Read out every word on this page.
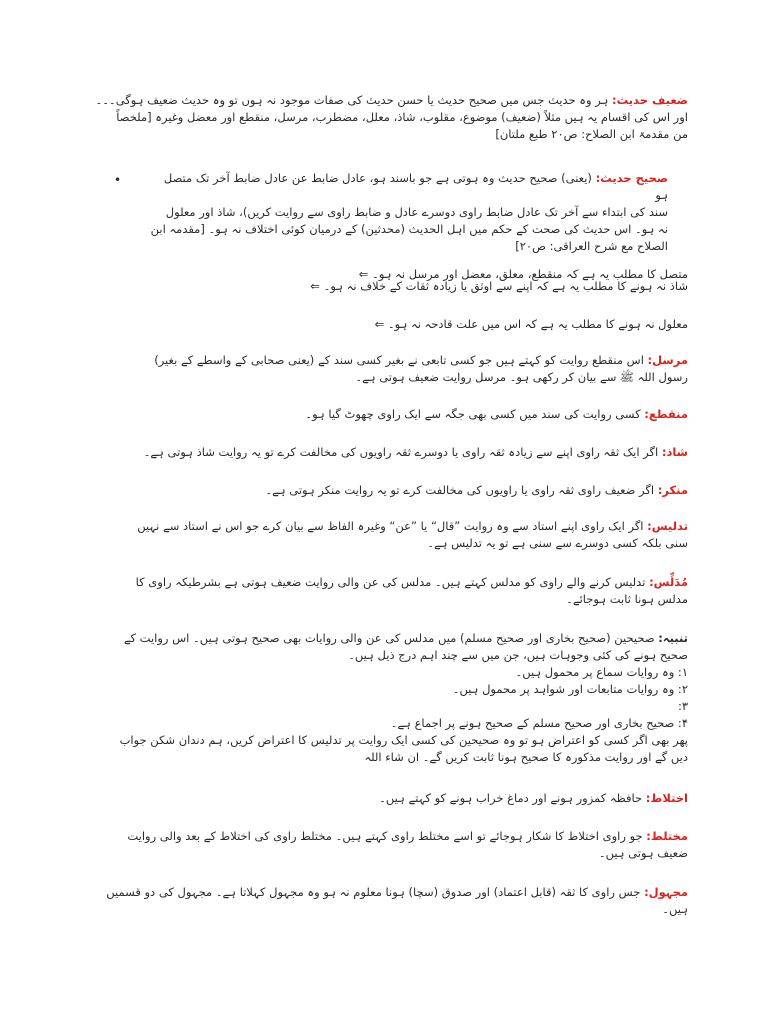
ضعیف حدیث: ہر وہ حدیث جس میں صحیح حدیث یا حسن حدیث کی صفات موجود نہ ہوں تو وہ حدیث ضعیف ہوگی۔۔۔
اور اس کی اقسام یہ ہیں مثلاً (ضعیف) موضوع، مقلوب، شاذ، معلل، مضطرب، مرسل، منقطع اور معضل وغیرہ [ملخصاً
من مقدمۃ ابن الصلاح: ص۲۰ طبع ملتان]
•	صحیح حدیث: (یعنی) صحیح حدیث وہ ہوتی ہے جو باسند ہو، عادل ضابط عن عادل ضابط آخر تک متصل ہو
سند کی ابتداء سے آخر تک عادل ضابط راوی دوسرے عادل و ضابط راوی سے روایت کریں)، شاذ اور معلول
نہ ہو۔ اس حدیث کی صحت کے حکم میں اہل الحدیث (محدثین) کے درمیان کوئی اختلاف نہ ہو۔ [مقدمہ ابن
الصلاح مع شرح العراقی: ص۲۰]
متصل کا مطلب یہ ہے کہ منقطع، معلق، معضل اور مرسل نہ ہو۔ ⇐
شاذ نہ ہونے کا مطلب یہ ہے کہ اپنے سے اوثق یا زیادہ ثقات کے خلاف نہ ہو۔ ⇐
معلول نہ ہونے کا مطلب یہ ہے کہ اس میں علت قادحہ نہ ہو۔ ⇐
مرسل: اس منقطع روایت کو کہتے ہیں جو کسی تابعی نے بغیر کسی سند کے (یعنی صحابی کے واسطے کے بغیر)
رسول اللہ ﷺ سے بیان کر رکھی ہو۔ مرسل روایت ضعیف ہوتی ہے۔
منقطع: کسی روایت کی سند میں کسی بھی جگہ سے ایک راوی چھوٹ گیا ہو۔
شاذ: اگر ایک ثقہ راوی اپنے سے زیادہ ثقہ راوی یا دوسرے ثقہ راویوں کی مخالفت کرے تو یہ روایت شاذ ہوتی ہے۔
منکر: اگر ضعیف راوی ثقہ راوی یا راویوں کی مخالفت کرے تو یہ روایت منکر ہوتی ہے۔
تدلیس: اگر ایک راوی اپنے استاد سے وہ روایت ”قال“ یا ”عن“ وغیرہ الفاظ سے بیان کرے جو اس نے استاد سے نہیں
سنی بلکہ کسی دوسرے سے سنی ہے تو یہ تدلیس ہے۔
مُدَلِّس: تدلیس کرنے والے راوی کو مدلس کہتے ہیں۔ مدلس کی عن والی روایت ضعیف ہوتی ہے بشرطیکہ راوی کا
مدلس ہونا ثابت ہوجائے۔
تنبیہ: صحیحین (صحیح بخاری اور صحیح مسلم) میں مدلس کی عن والی روایات بھی صحیح ہوتی ہیں۔ اس روایت کے
صحیح ہونے کی کئی وجوہات ہیں، جن میں سے چند اہم درج ذیل ہیں۔
۱: وہ روایات سماع پر محمول ہیں۔
۲: وہ روایات متابعات اور شواہد پر محمول ہیں۔
۳:
۴: صحیح بخاری اور صحیح مسلم کے صحیح ہونے پر اجماع ہے۔
پھر بھی اگر کسی کو اعتراض ہو تو وہ صحیحین کی کسی ایک روایت پر تدلیس کا اعتراض کریں، ہم دندان شکن جواب
دیں گے اور روایت مذکورہ کا صحیح ہونا ثابت کریں گے۔ ان شاء اللہ
اختلاط: حافظہ کمزور ہونے اور دماغ خراب ہونے کو کہتے ہیں۔
مختلط: جو راوی اختلاط کا شکار ہوجائے تو اسے مختلط راوی کہتے ہیں۔ مختلط راوی کی اختلاط کے بعد والی روایت
ضعیف ہوتی ہیں۔
مجہول: جس راوی کا ثقہ (قابل اعتماد) اور صدوق (سچا) ہونا معلوم نہ ہو وہ مجہول کہلاتا ہے۔ مجہول کی دو قسمیں
ہیں۔
